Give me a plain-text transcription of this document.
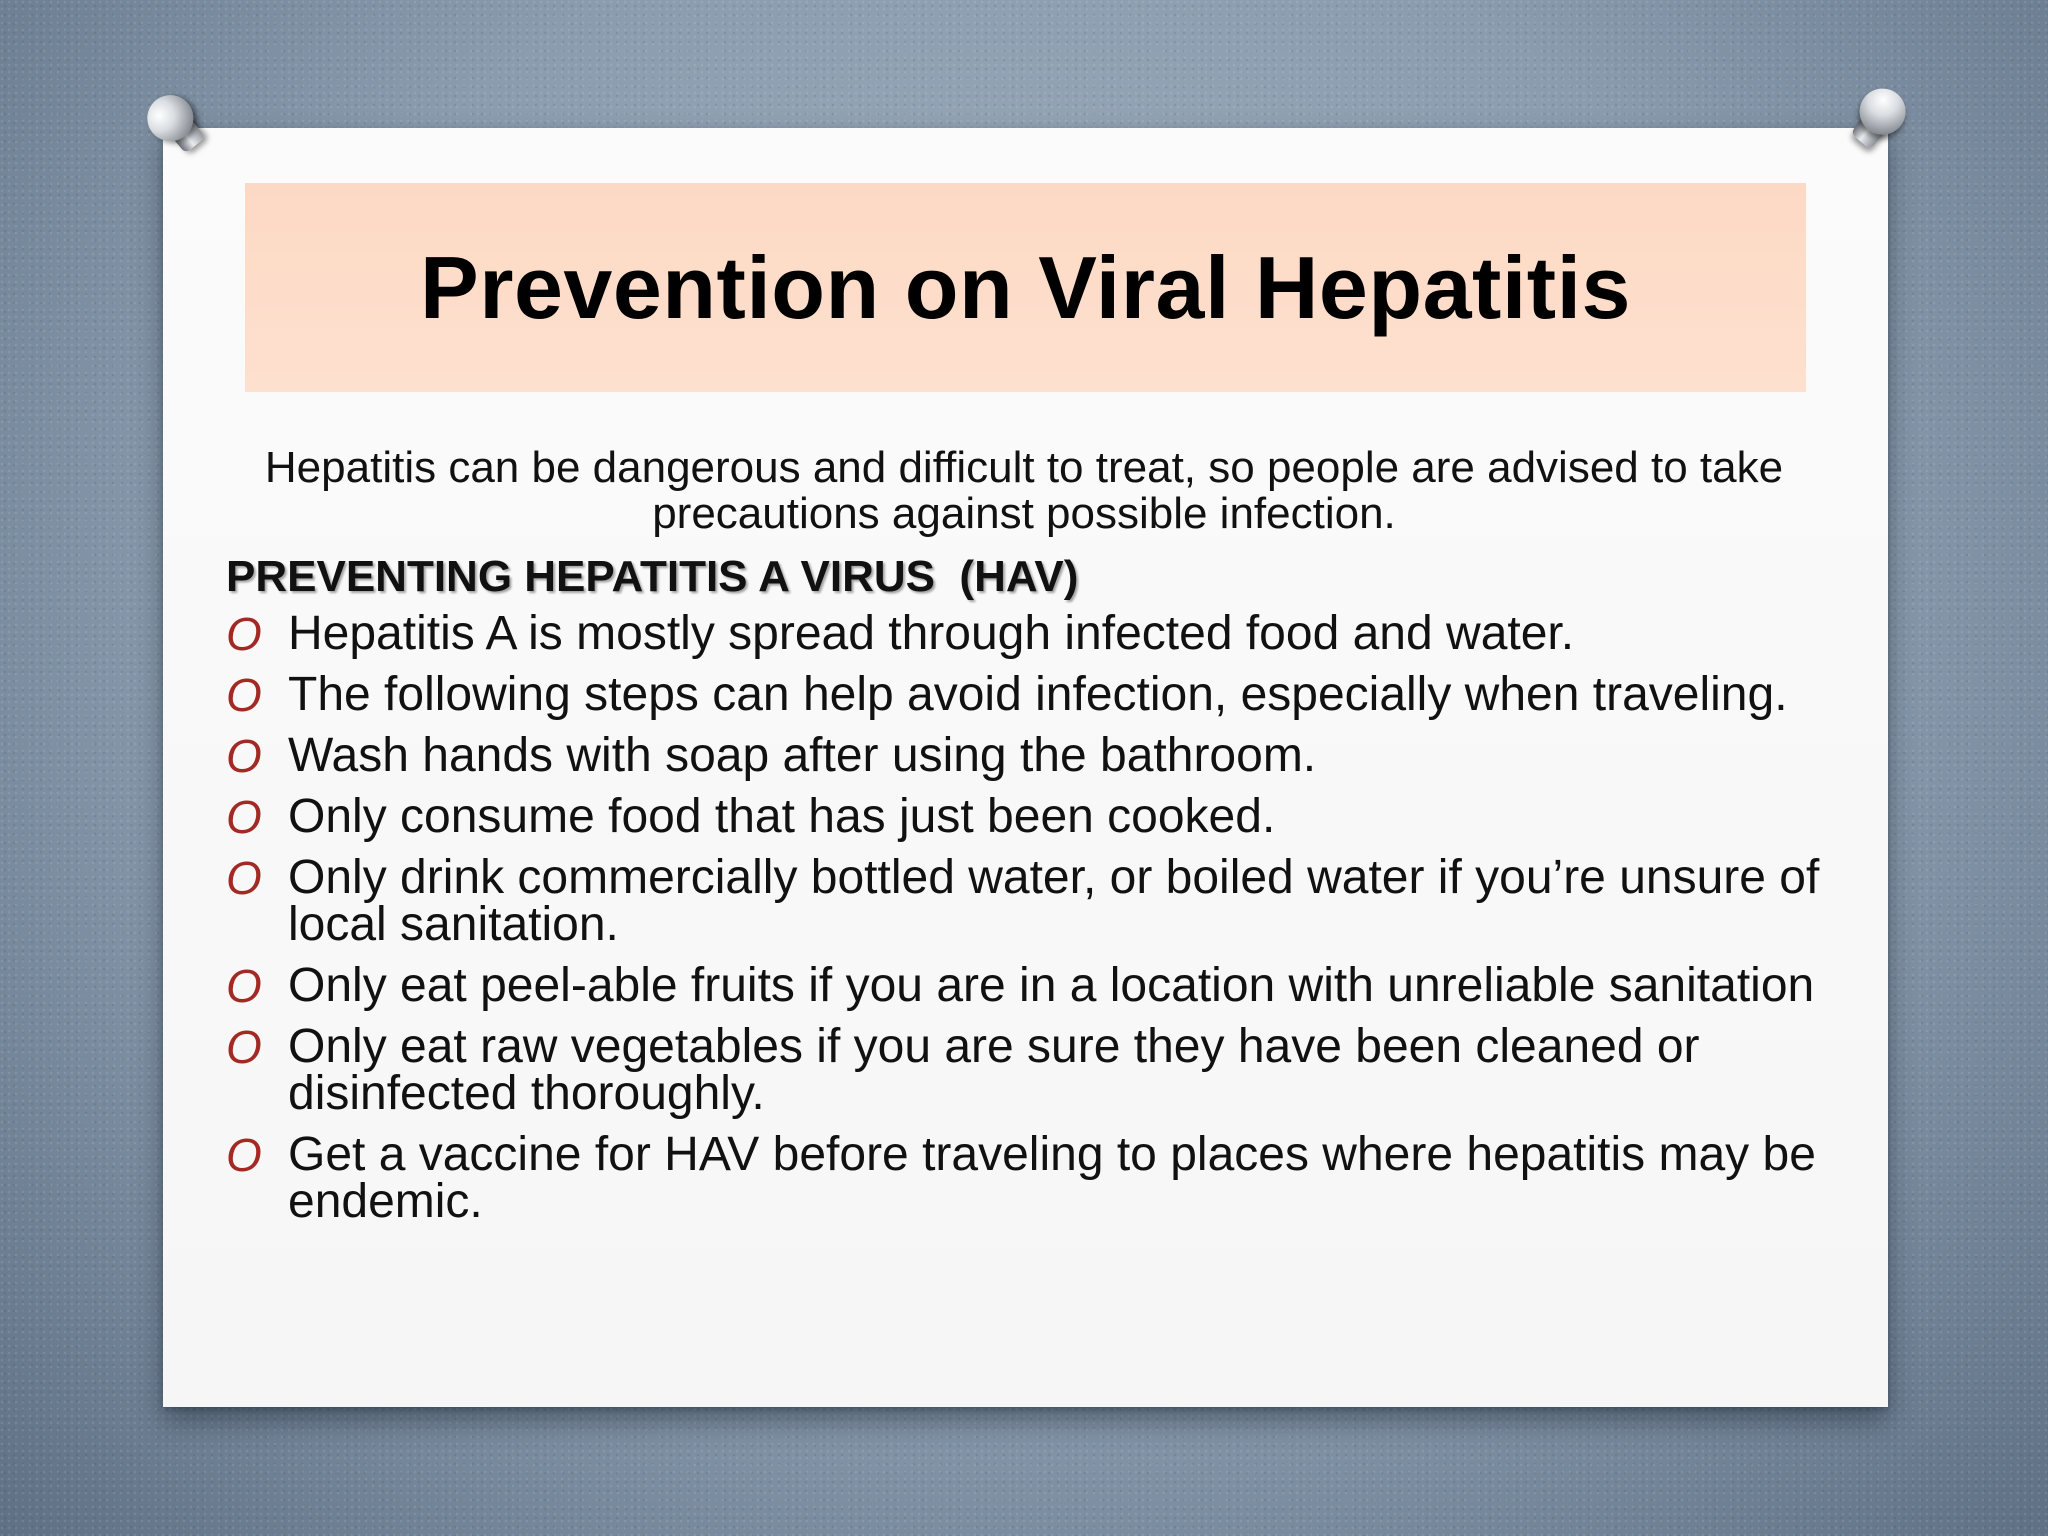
Prevention on Viral Hepatitis
Hepatitis can be dangerous and difficult to treat, so people are advised to take precautions against possible infection.
PREVENTING HEPATITIS A VIRUS  (HAV)
O Hepatitis A is mostly spread through infected food and water.
O The following steps can help avoid infection, especially when traveling.
O Wash hands with soap after using the bathroom.
O Only consume food that has just been cooked.
O Only drink commercially bottled water, or boiled water if you’re unsure of local sanitation.
O Only eat peel-able fruits if you are in a location with unreliable sanitation
O Only eat raw vegetables if you are sure they have been cleaned or disinfected thoroughly.
O Get a vaccine for HAV before traveling to places where hepatitis may be endemic.
